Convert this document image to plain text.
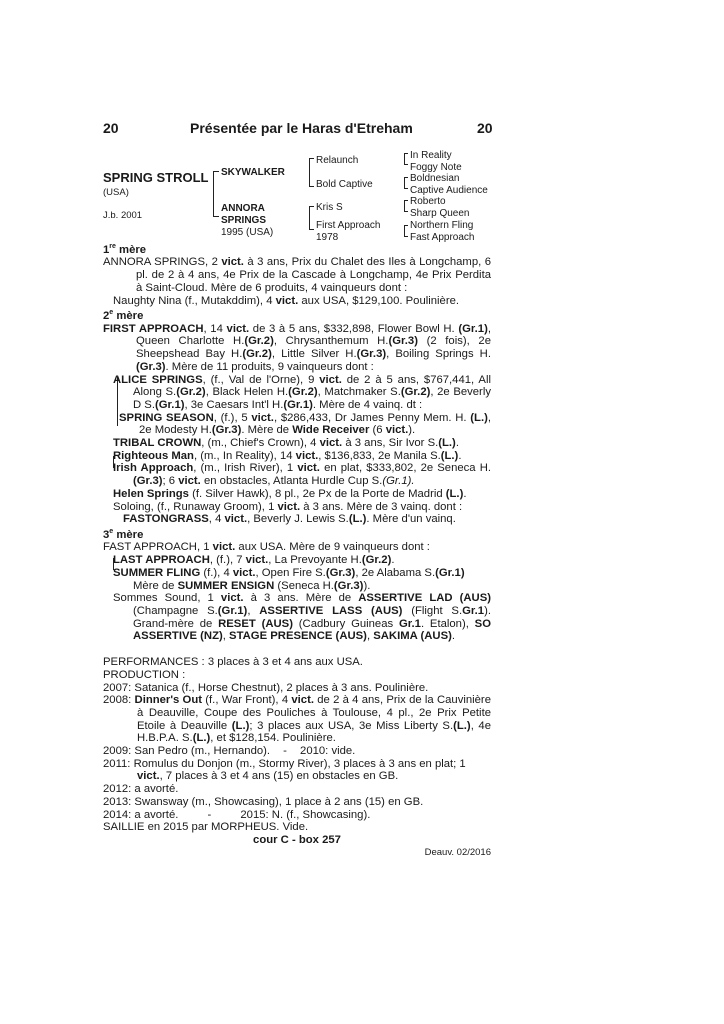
20	Présentée par le Haras d'Etreham	20
SPRING STROLL
(USA)
J.b. 2001
SKYWALKER
ANNORA
SPRINGS
1995 (USA)
Relaunch
Bold Captive
Kris S
First Approach
1978
In Reality
Foggy Note
Boldnesian
Captive Audience
Roberto
Sharp Queen
Northern Fling
Fast Approach

1re mère

ANNORA SPRINGS, 2 vict. à 3 ans, Prix du Chalet des Iles à Longchamp, 6 pl. de 2 à 4 ans, 4e Prix de la Cascade à Longchamp, 4e Prix Perdita à Saint-Cloud. Mère de 6 produits, 4 vainqueurs dont :

Naughty Nina (f., Mutakddim), 4 vict. aux USA, $129,100. Poulinière.

2e mère

FIRST APPROACH, 14 vict. de 3 à 5 ans, $332,898, Flower Bowl H. (Gr.1), Queen Charlotte H.(Gr.2), Chrysanthemum H.(Gr.3) (2 fois), 2e Sheepshead Bay H.(Gr.2), Little Silver H.(Gr.3), Boiling Springs H.(Gr.3). Mère de 11 produits, 9 vainqueurs dont :

ALICE SPRINGS, (f., Val de l'Orne), 9 vict. de 2 à 5 ans, $767,441, All Along S.(Gr.2), Black Helen H.(Gr.2), Matchmaker S.(Gr.2), 2e Beverly D S.(Gr.1), 3e Caesars Int'l H.(Gr.1). Mère de 4 vainq. dt :

SPRING SEASON, (f.), 5 vict., $286,433, Dr James Penny Mem. H. (L.), 2e Modesty H.(Gr.3). Mère de Wide Receiver (6 vict.).

TRIBAL CROWN, (m., Chief's Crown), 4 vict. à 3 ans, Sir Ivor S.(L.).

Righteous Man, (m., In Reality), 14 vict., $136,833, 2e Manila S.(L.).

Irish Approach, (m., Irish River), 1 vict. en plat, $333,802, 2e Seneca H.(Gr.3); 6 vict. en obstacles, Atlanta Hurdle Cup S.(Gr.1).

Helen Springs (f. Silver Hawk), 8 pl., 2e Px de la Porte de Madrid (L.).

Soloing, (f., Runaway Groom), 1 vict. à 3 ans. Mère de 3 vainq. dont :

FASTONGRASS, 4 vict., Beverly J. Lewis S.(L.). Mère d'un vainq.

3e mère

FAST APPROACH, 1 vict. aux USA. Mère de 9 vainqueurs dont :

LAST APPROACH, (f.), 7 vict., La Prevoyante H.(Gr.2).

SUMMER FLING (f.), 4 vict., Open Fire S.(Gr.3), 2e Alabama S.(Gr.1)

Mère de SUMMER ENSIGN (Seneca H.(Gr.3)).

Sommes Sound, 1 vict. à 3 ans. Mère de ASSERTIVE LAD (AUS) (Champagne S.(Gr.1), ASSERTIVE LASS (AUS) (Flight S.Gr.1). Grand-mère de RESET (AUS) (Cadbury Guineas Gr.1. Etalon), SO ASSERTIVE (NZ), STAGE PRESENCE (AUS), SAKIMA (AUS).

PERFORMANCES : 3 places à 3 et 4 ans aux USA.

PRODUCTION :

2007: Satanica (f., Horse Chestnut), 2 places à 3 ans. Poulinière.

2008: Dinner's Out (f., War Front), 4 vict. de 2 à 4 ans, Prix de la Cauvinière à Deauville, Coupe des Pouliches à Toulouse, 4 pl., 2e Prix Petite Etoile à Deauville (L.); 3 places aux USA, 3e Miss Liberty S.(L.), 4e H.B.P.A. S.(L.), et $128,154. Poulinière.

2009: San Pedro (m., Hernando). - 2010: vide.

2011: Romulus du Donjon (m., Stormy River), 3 places à 3 ans en plat; 1 vict., 7 places à 3 et 4 ans (15) en obstacles en GB.

2012: a avorté.

2013: Swansway (m., Showcasing), 1 place à 2 ans (15) en GB.

2014: a avorté.	-	2015: N. (f., Showcasing).

SAILLIE en 2015 par MORPHEUS. Vide.

cour C - box 257

Deauv. 02/2016
